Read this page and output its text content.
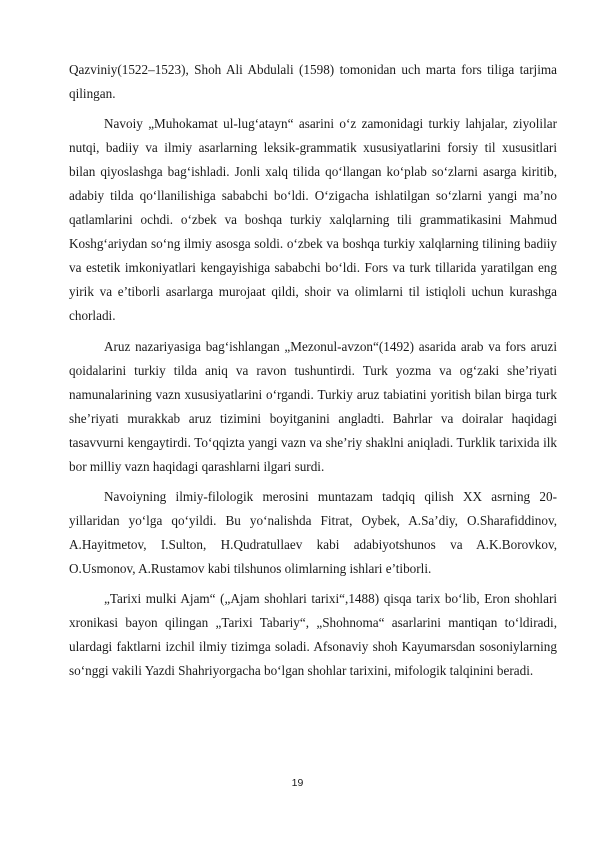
Qazviniy(1522–1523), Shoh Ali Abdulali (1598) tomonidan uch marta fors tiliga tarjima qilingan.

Navoiy „Muhokamat ul-lug‘atayn“ asarini o‘z zamonidagi turkiy lahjalar, ziyolilar nutqi, badiiy va ilmiy asarlarning leksik-grammatik xususiyatlarini forsiy til xususitlari bilan qiyoslashga bag‘ishladi. Jonli xalq tilida qo‘llangan ko‘plab so‘zlarni asarga kiritib, adabiy tilda qo‘llanilishiga sababchi bo‘ldi. O‘zigacha ishlatilgan so‘zlarni yangi ma’no qatlamlarini ochdi. o‘zbek va boshqa turkiy xalqlarning tili grammatikasini Mahmud Koshg‘ariydan so‘ng ilmiy asosga soldi. o‘zbek va boshqa turkiy xalqlarning tilining badiiy va estetik imkoniyatlari kengayishiga sababchi bo‘ldi. Fors va turk tillarida yaratilgan eng yirik va e’tiborli asarlarga murojaat qildi, shoir va olimlarni til istiqloli uchun kurashga chorladi.

Aruz nazariyasiga bag‘ishlangan „Mezonul-avzon“(1492) asarida arab va fors aruzi qoidalarini turkiy tilda aniq va ravon tushuntirdi. Turk yozma va og‘zaki she’riyati namunalarining vazn xususiyatlarini o‘rgandi. Turkiy aruz tabiatini yoritish bilan birga turk she’riyati murakkab aruz tizimini boyitganini angladti. Bahrlar va doiralar haqidagi tasavvurni kengaytirdi. To‘qqizta yangi vazn va she’riy shaklni aniqladi. Turklik tarixida ilk bor milliy vazn haqidagi qarashlarni ilgari surdi.

Navoiyning ilmiy-filologik merosini muntazam tadqiq qilish XX asrning 20-yillaridan yo‘lga qo‘yildi. Bu yo‘nalishda Fitrat, Oybek, A.Sa’diy, O.Sharafiddinov, A.Hayitmetov, I.Sulton, H.Qudratullaev kabi adabiyotshunos va A.K.Borovkov, O.Usmonov, A.Rustamov kabi tilshunos olimlarning ishlari e’tiborli.

„Tarixi mulki Ajam“ („Ajam shohlari tarixi“,1488) qisqa tarix bo‘lib, Eron shohlari xronikasi bayon qilingan „Tarixi Tabariy“, „Shohnoma“ asarlarini mantiqan to‘ldiradi, ulardagi faktlarni izchil ilmiy tizimga soladi. Afsonaviy shoh Kayumarsdan sosoniylarning so‘nggi vakili Yazdi Shahriyorgacha bo‘lgan shohlar tarixini, mifologik talqinini beradi.

19
